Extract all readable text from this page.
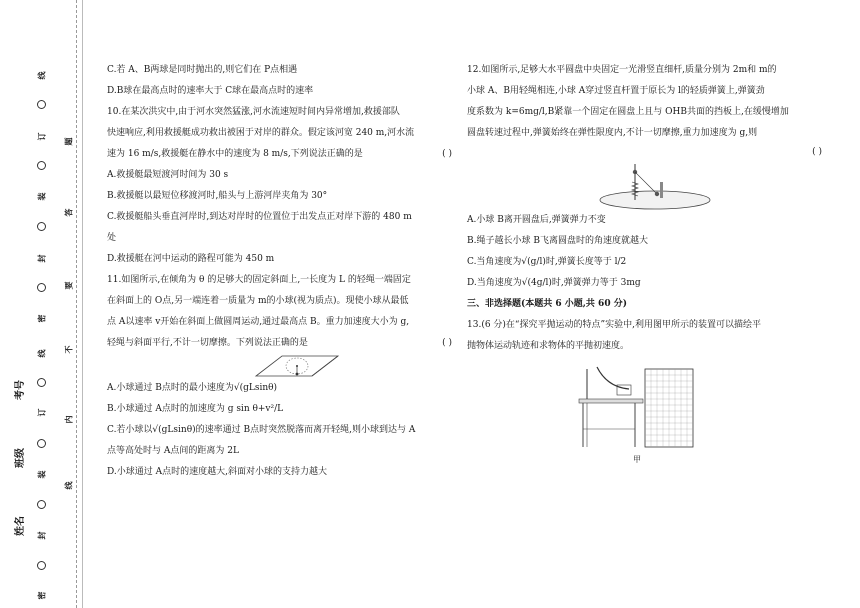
线
订
装
封
密
线
订
装
封
密
题
答
要
不
内
线
考号
班级
姓名

C.若 A、B两球是同时抛出的,则它们在 P点相遇

D.B球在最高点时的速率大于 C球在最高点时的速率

10.在某次洪灾中,由于河水突然猛涨,河水流速短时间内异常增加,救援部队

快速响应,利用救援艇成功救出被困于对岸的群众。假定该河宽 240 m,河水流

速为 16 m/s,救援艇在静水中的速度为 8 m/s,下列说法正确的是	( )

A.救援艇最短渡河时间为 30 s

B.救援艇以最短位移渡河时,船头与上游河岸夹角为 30°

C.救援艇船头垂直河岸时,到达对岸时的位置位于出发点正对岸下游的 480 m

处

D.救援艇在河中运动的路程可能为 450 m

11.如图所示,在倾角为 θ 的足够大的固定斜面上,一长度为 L 的轻绳一端固定

在斜面上的 O点,另一端连着一质量为 m的小球(视为质点)。现使小球从最低

点 A以速率 v开始在斜面上做圆周运动,通过最高点 B。重力加速度大小为 g,

轻绳与斜面平行,不计一切摩擦。下列说法正确的是	( )

A.小球通过 B点时的最小速度为√(gLsinθ)

B.小球通过 A点时的加速度为 g sin θ+v²/L

C.若小球以√(gLsinθ)的速率通过 B点时突然脱落而离开轻绳,则小球到达与 A

点等高处时与 A点间的距离为 2L

D.小球通过 A点时的速度越大,斜面对小球的支持力越大

12.如图所示,足够大水平圆盘中央固定一光滑竖直细杆,质量分别为 2m和 m的

小球 A、B用轻绳相连,小球 A穿过竖直杆置于原长为 l的轻质弹簧上,弹簧劲

度系数为 k=6mg/l,B紧靠一个固定在圆盘上且与 OHB共面的挡板上,在缓慢增加

圆盘转速过程中,弹簧始终在弹性限度内,不计一切摩擦,重力加速度为 g,则

( )

A.小球 B离开圆盘后,弹簧弹力不变

B.绳子越长小球 B飞离圆盘时的角速度就越大

C.当角速度为√(g/l)时,弹簧长度等于 l/2

D.当角速度为√(4g/l)时,弹簧弹力等于 3mg

三、非选择题(本题共 6 小题,共 60 分)

13.(6 分)在“探究平抛运动的特点”实验中,利用图甲所示的装置可以描绘平

抛物体运动轨迹和求物体的平抛初速度。

甲
